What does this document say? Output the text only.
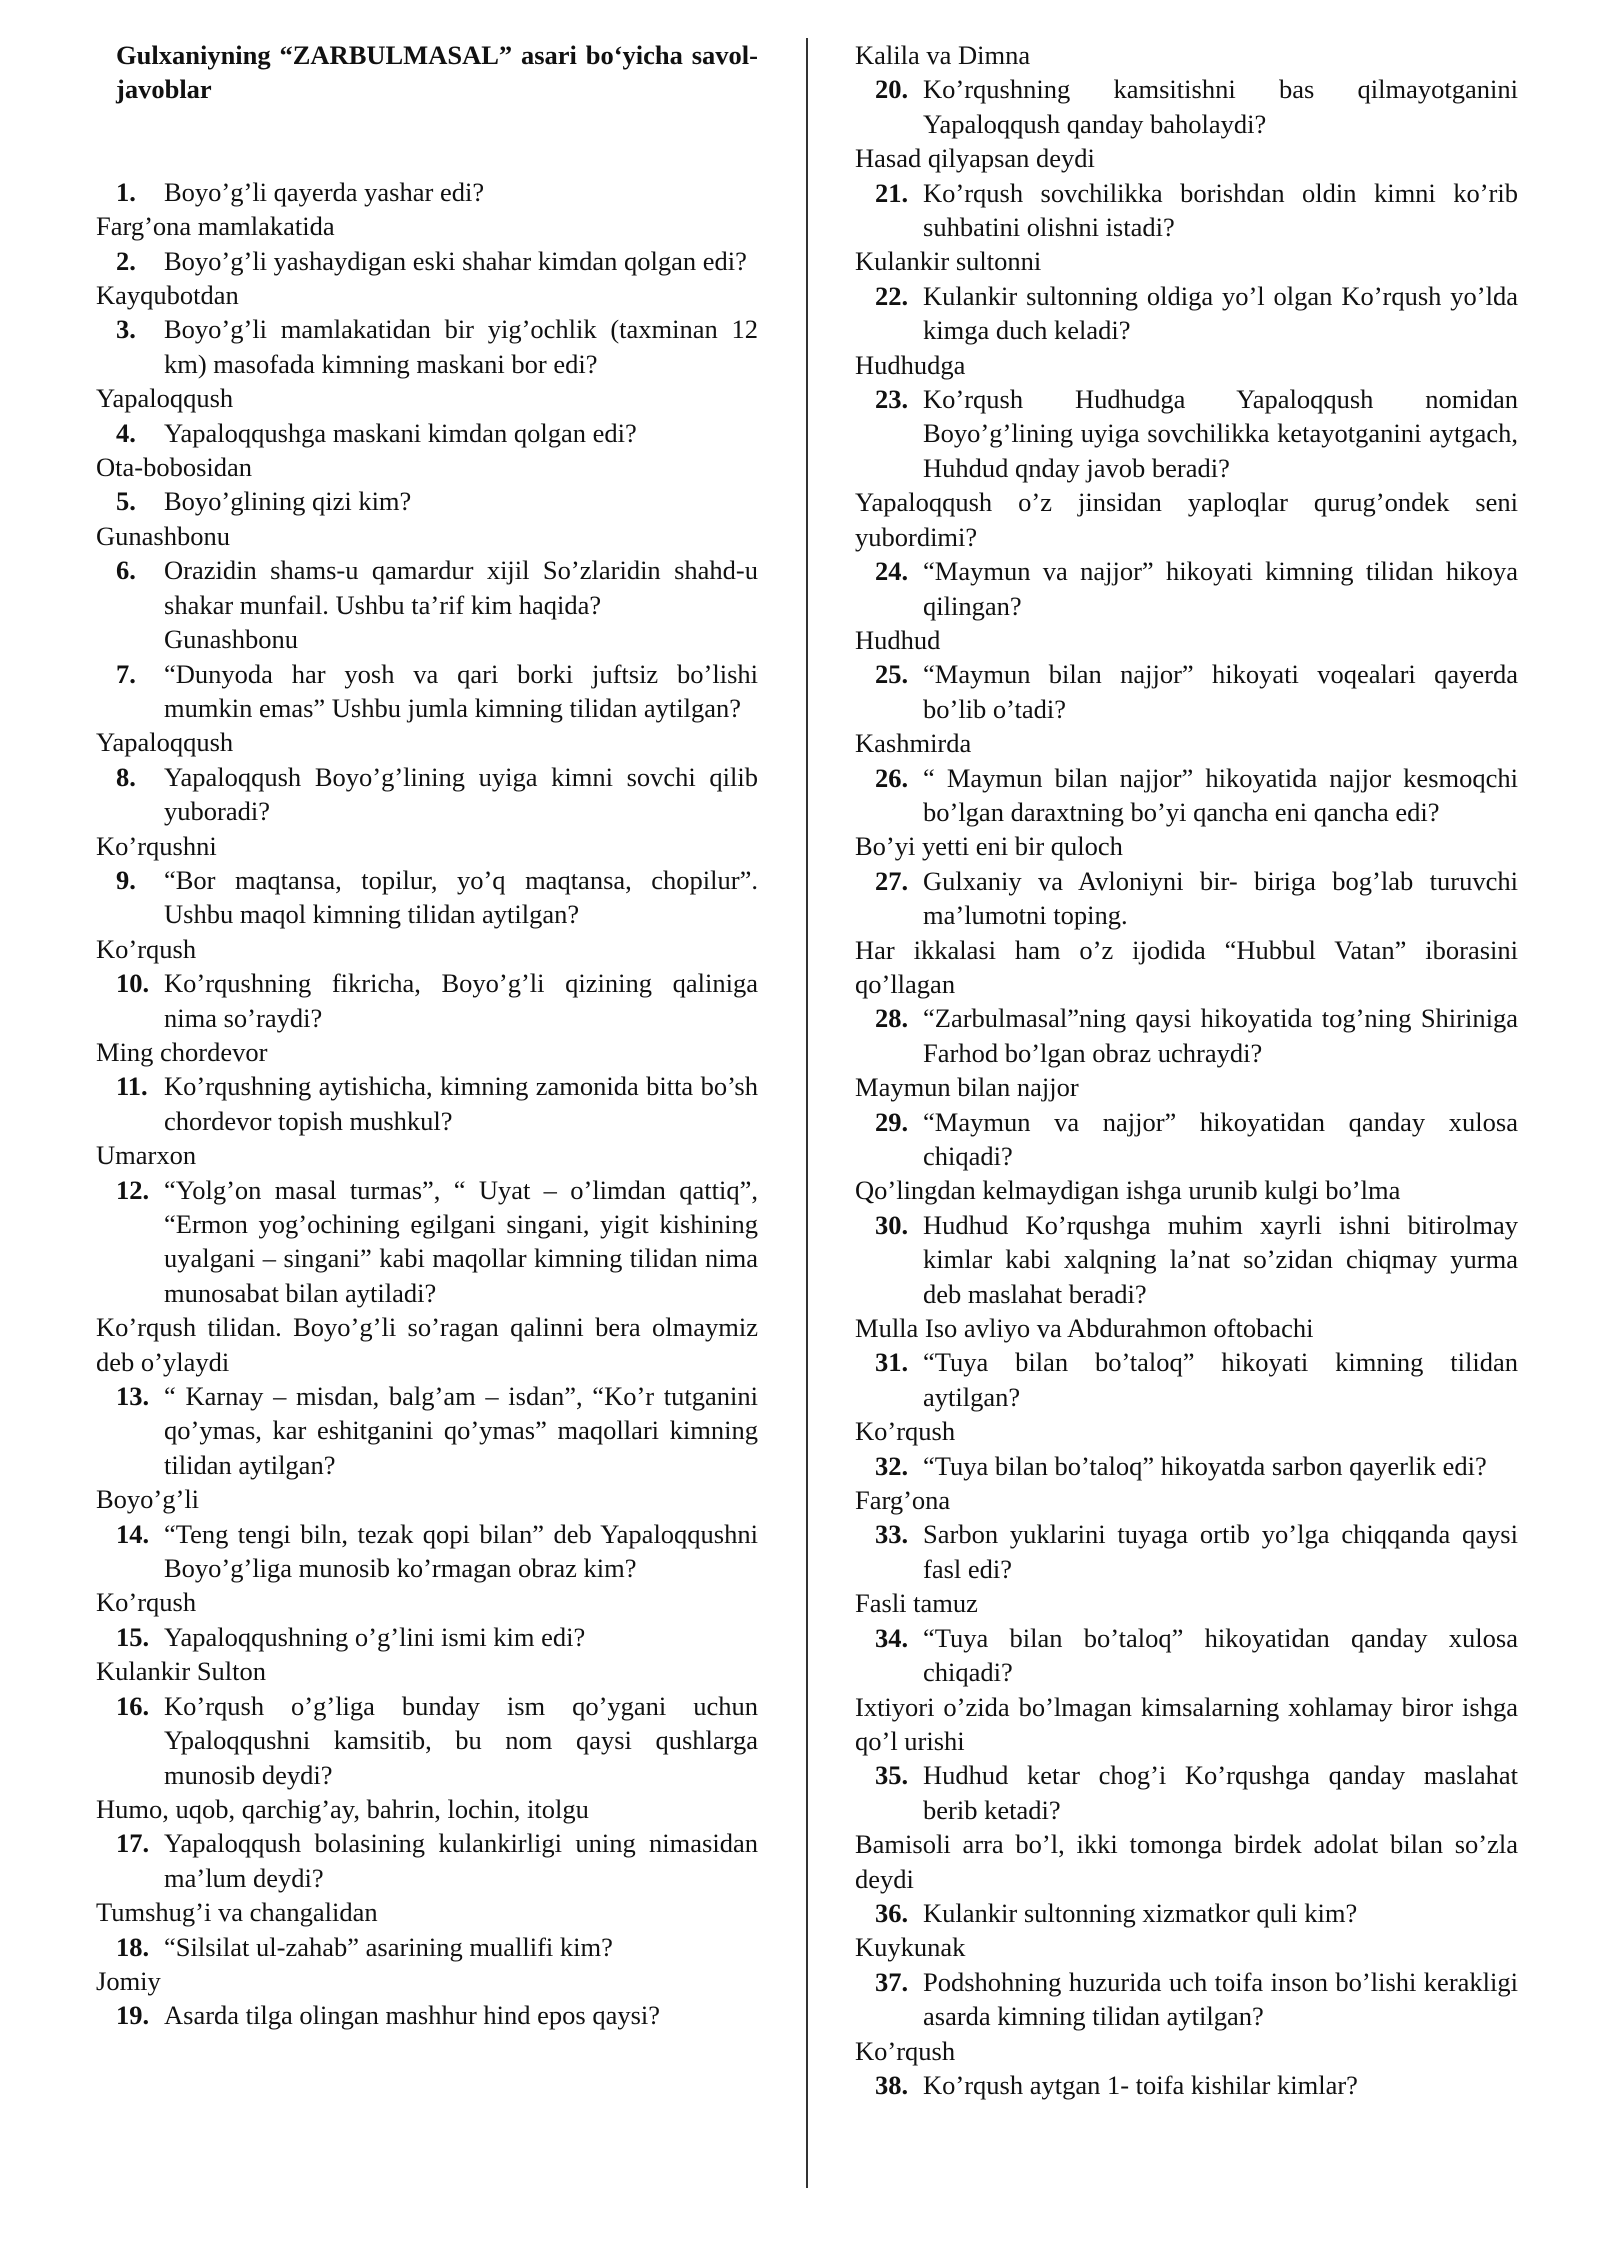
Gulxaniyning “ZARBULMASAL” asari bo‘yicha savol-javoblar
1. Boyo’g’li qayerda yashar edi?
Farg’ona mamlakatida
2. Boyo’g’li yashaydigan eski shahar kimdan qolgan edi?
Kayqubotdan
3. Boyo’g’li mamlakatidan bir yig’ochlik (taxminan 12 km) masofada kimning maskani bor edi?
Yapaloqqush
4. Yapaloqqushga maskani kimdan qolgan edi?
Ota-bobosidan
5. Boyo’glining qizi kim?
Gunashbonu
6. Orazidin shams-u qamardur xijil So’zlaridin shahd-u shakar munfail. Ushbu ta’rif kim haqida?
Gunashbonu
7. “Dunyoda har yosh va qari borki juftsiz bo’lishi mumkin emas” Ushbu jumla kimning tilidan aytilgan?
Yapaloqqush
8. Yapaloqqush Boyo’g’lining uyiga kimni sovchi qilib yuboradi?
Ko’rqushni
9. “Bor maqtansa, topilur, yo’q maqtansa, chopilur”. Ushbu maqol kimning tilidan aytilgan?
Ko’rqush
10. Ko’rqushning fikricha, Boyo’g’li qizining qaliniga nima so’raydi?
Ming chordevor
11. Ko’rqushning aytishicha, kimning zamonida bitta bo’sh chordevor topish mushkul?
Umarxon
12. “Yolg’on masal turmas”, “ Uyat – o’limdan qattiq”, “Ermon yog’ochining egilgani singani, yigit kishining uyalgani – singani” kabi maqollar kimning tilidan nima munosabat bilan aytiladi?
Ko’rqush tilidan. Boyo’g’li so’ragan qalinni bera olmaymiz deb o’ylaydi
13. “ Karnay – misdan, balg’am – isdan”, “Ko’r tutganini qo’ymas, kar eshitganini qo’ymas” maqollari kimning tilidan aytilgan?
Boyo’g’li
14. “Teng tengi biln, tezak qopi bilan” deb Yapaloqqushni Boyo’g’liga munosib ko’rmagan obraz kim?
Ko’rqush
15. Yapaloqqushning o’g’lini ismi kim edi?
Kulankir Sulton
16. Ko’rqush o’g’liga bunday ism qo’ygani uchun Ypaloqqushni kamsitib, bu nom qaysi qushlarga munosib deydi?
Humo, uqob, qarchig’ay, bahrin, lochin, itolgu
17. Yapaloqqush bolasining kulankirligi uning nimasidan ma’lum deydi?
Tumshug’i va changalidan
18. “Silsilat ul-zahab” asarining muallifi kim?
Jomiy
19. Asarda tilga olingan mashhur hind epos qaysi?
Kalila va Dimna
20. Ko’rqushning kamsitishni bas qilmayotganini Yapaloqqush qanday baholaydi?
Hasad qilyapsan deydi
21. Ko’rqush sovchilikka borishdan oldin kimni ko’rib suhbatini olishni istadi?
Kulankir sultonni
22. Kulankir sultonning oldiga yo’l olgan Ko’rqush yo’lda kimga duch keladi?
Hudhudga
23. Ko’rqush Hudhudga Yapaloqqush nomidan Boyo’g’lining uyiga sovchilikka ketayotganini aytgach, Huhdud qnday javob beradi?
Yapaloqqush o’z jinsidan yaploqlar qurug’ondek seni yubordimi?
24. “Maymun va najjor” hikoyati kimning tilidan hikoya qilingan?
Hudhud
25. “Maymun bilan najjor” hikoyati voqealari qayerda bo’lib o’tadi?
Kashmirda
26. “ Maymun bilan najjor” hikoyatida najjor kesmoqchi bo’lgan daraxtning bo’yi qancha eni qancha edi?
Bo’yi yetti eni bir quloch
27. Gulxaniy va Avloniyni bir- biriga bog’lab turuvchi ma’lumotni toping.
Har ikkalasi ham o’z ijodida “Hubbul Vatan” iborasini qo’llagan
28. “Zarbulmasal”ning qaysi hikoyatida tog’ning Shiriniga Farhod bo’lgan obraz uchraydi?
Maymun bilan najjor
29. “Maymun va najjor” hikoyatidan qanday xulosa chiqadi?
Qo’lingdan kelmaydigan ishga urunib kulgi bo’lma
30. Hudhud Ko’rqushga muhim xayrli ishni bitirolmay kimlar kabi xalqning la’nat so’zidan chiqmay yurma deb maslahat beradi?
Mulla Iso avliyo va Abdurahmon oftobachi
31. “Tuya bilan bo’taloq” hikoyati kimning tilidan aytilgan?
Ko’rqush
32. “Tuya bilan bo’taloq” hikoyatda sarbon qayerlik edi?
Farg’ona
33. Sarbon yuklarini tuyaga ortib yo’lga chiqqanda qaysi fasl edi?
Fasli tamuz
34. “Tuya bilan bo’taloq” hikoyatidan qanday xulosa chiqadi?
Ixtiyori o’zida bo’lmagan kimsalarning xohlamay biror ishga qo’l urishi
35. Hudhud ketar chog’i Ko’rqushga qanday maslahat berib ketadi?
Bamisoli arra bo’l, ikki tomonga birdek adolat bilan so’zla deydi
36. Kulankir sultonning xizmatkor quli kim?
Kuykunak
37. Podshohning huzurida uch toifa inson bo’lishi kerakligi asarda kimning tilidan aytilgan?
Ko’rqush
38. Ko’rqush aytgan 1- toifa kishilar kimlar?
